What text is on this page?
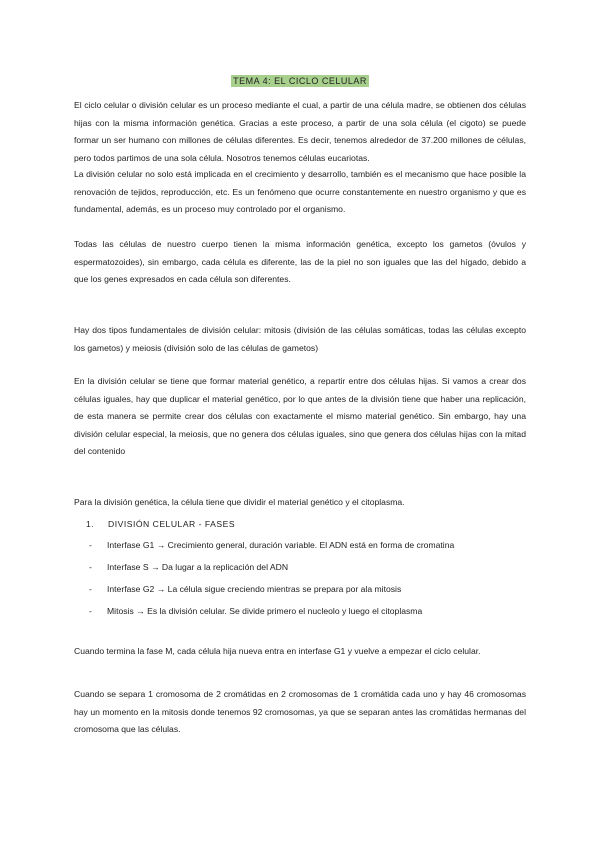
TEMA 4: EL CICLO CELULAR

El ciclo celular o división celular es un proceso mediante el cual, a partir de una célula madre, se obtienen dos células hijas con la misma información genética. Gracias a este proceso, a partir de una sola célula (el cigoto) se puede formar un ser humano con millones de células diferentes. Es decir, tenemos alrededor de 37.200 millones de células, pero todos partimos de una sola célula. Nosotros tenemos células eucariotas.

La división celular no solo está implicada en el crecimiento y desarrollo, también es el mecanismo que hace posible la renovación de tejidos, reproducción, etc. Es un fenómeno que ocurre constantemente en nuestro organismo y que es fundamental, además, es un proceso muy controlado por el organismo.

Todas las células de nuestro cuerpo tienen la misma información genética, excepto los gametos (óvulos y espermatozoides), sin embargo, cada célula es diferente, las de la piel no son iguales que las del hígado, debido a que los genes expresados en cada célula son diferentes.

Hay dos tipos fundamentales de división celular: mitosis (división de las células somáticas, todas las células excepto los gametos) y meiosis (división solo de las células de gametos)

En la división celular se tiene que formar material genético, a repartir entre dos células hijas. Si vamos a crear dos células iguales, hay que duplicar el material genético, por lo que antes de la división tiene que haber una replicación, de esta manera se permite crear dos células con exactamente el mismo material genético. Sin embargo, hay una división celular especial, la meiosis, que no genera dos células iguales, sino que genera dos células hijas con la mitad del contenido

Para la división genética, la célula tiene que dividir el material genético y el citoplasma.

1. DIVISIÓN CELULAR - FASES
- Interfase G1 → Crecimiento general, duración variable. El ADN está en forma de cromatina
- Interfase S → Da lugar a la replicación del ADN
- Interfase G2 → La célula sigue creciendo mientras se prepara por ala mitosis
- Mitosis → Es la división celular. Se divide primero el nucleolo y luego el citoplasma

Cuando termina la fase M, cada célula hija nueva entra en interfase G1 y vuelve a empezar el ciclo celular.

Cuando se separa 1 cromosoma de 2 cromátidas en 2 cromosomas de 1 cromátida cada uno y hay 46 cromosomas hay un momento en la mitosis donde tenemos 92 cromosomas, ya que se separan antes las cromátidas hermanas del cromosoma que las células.
